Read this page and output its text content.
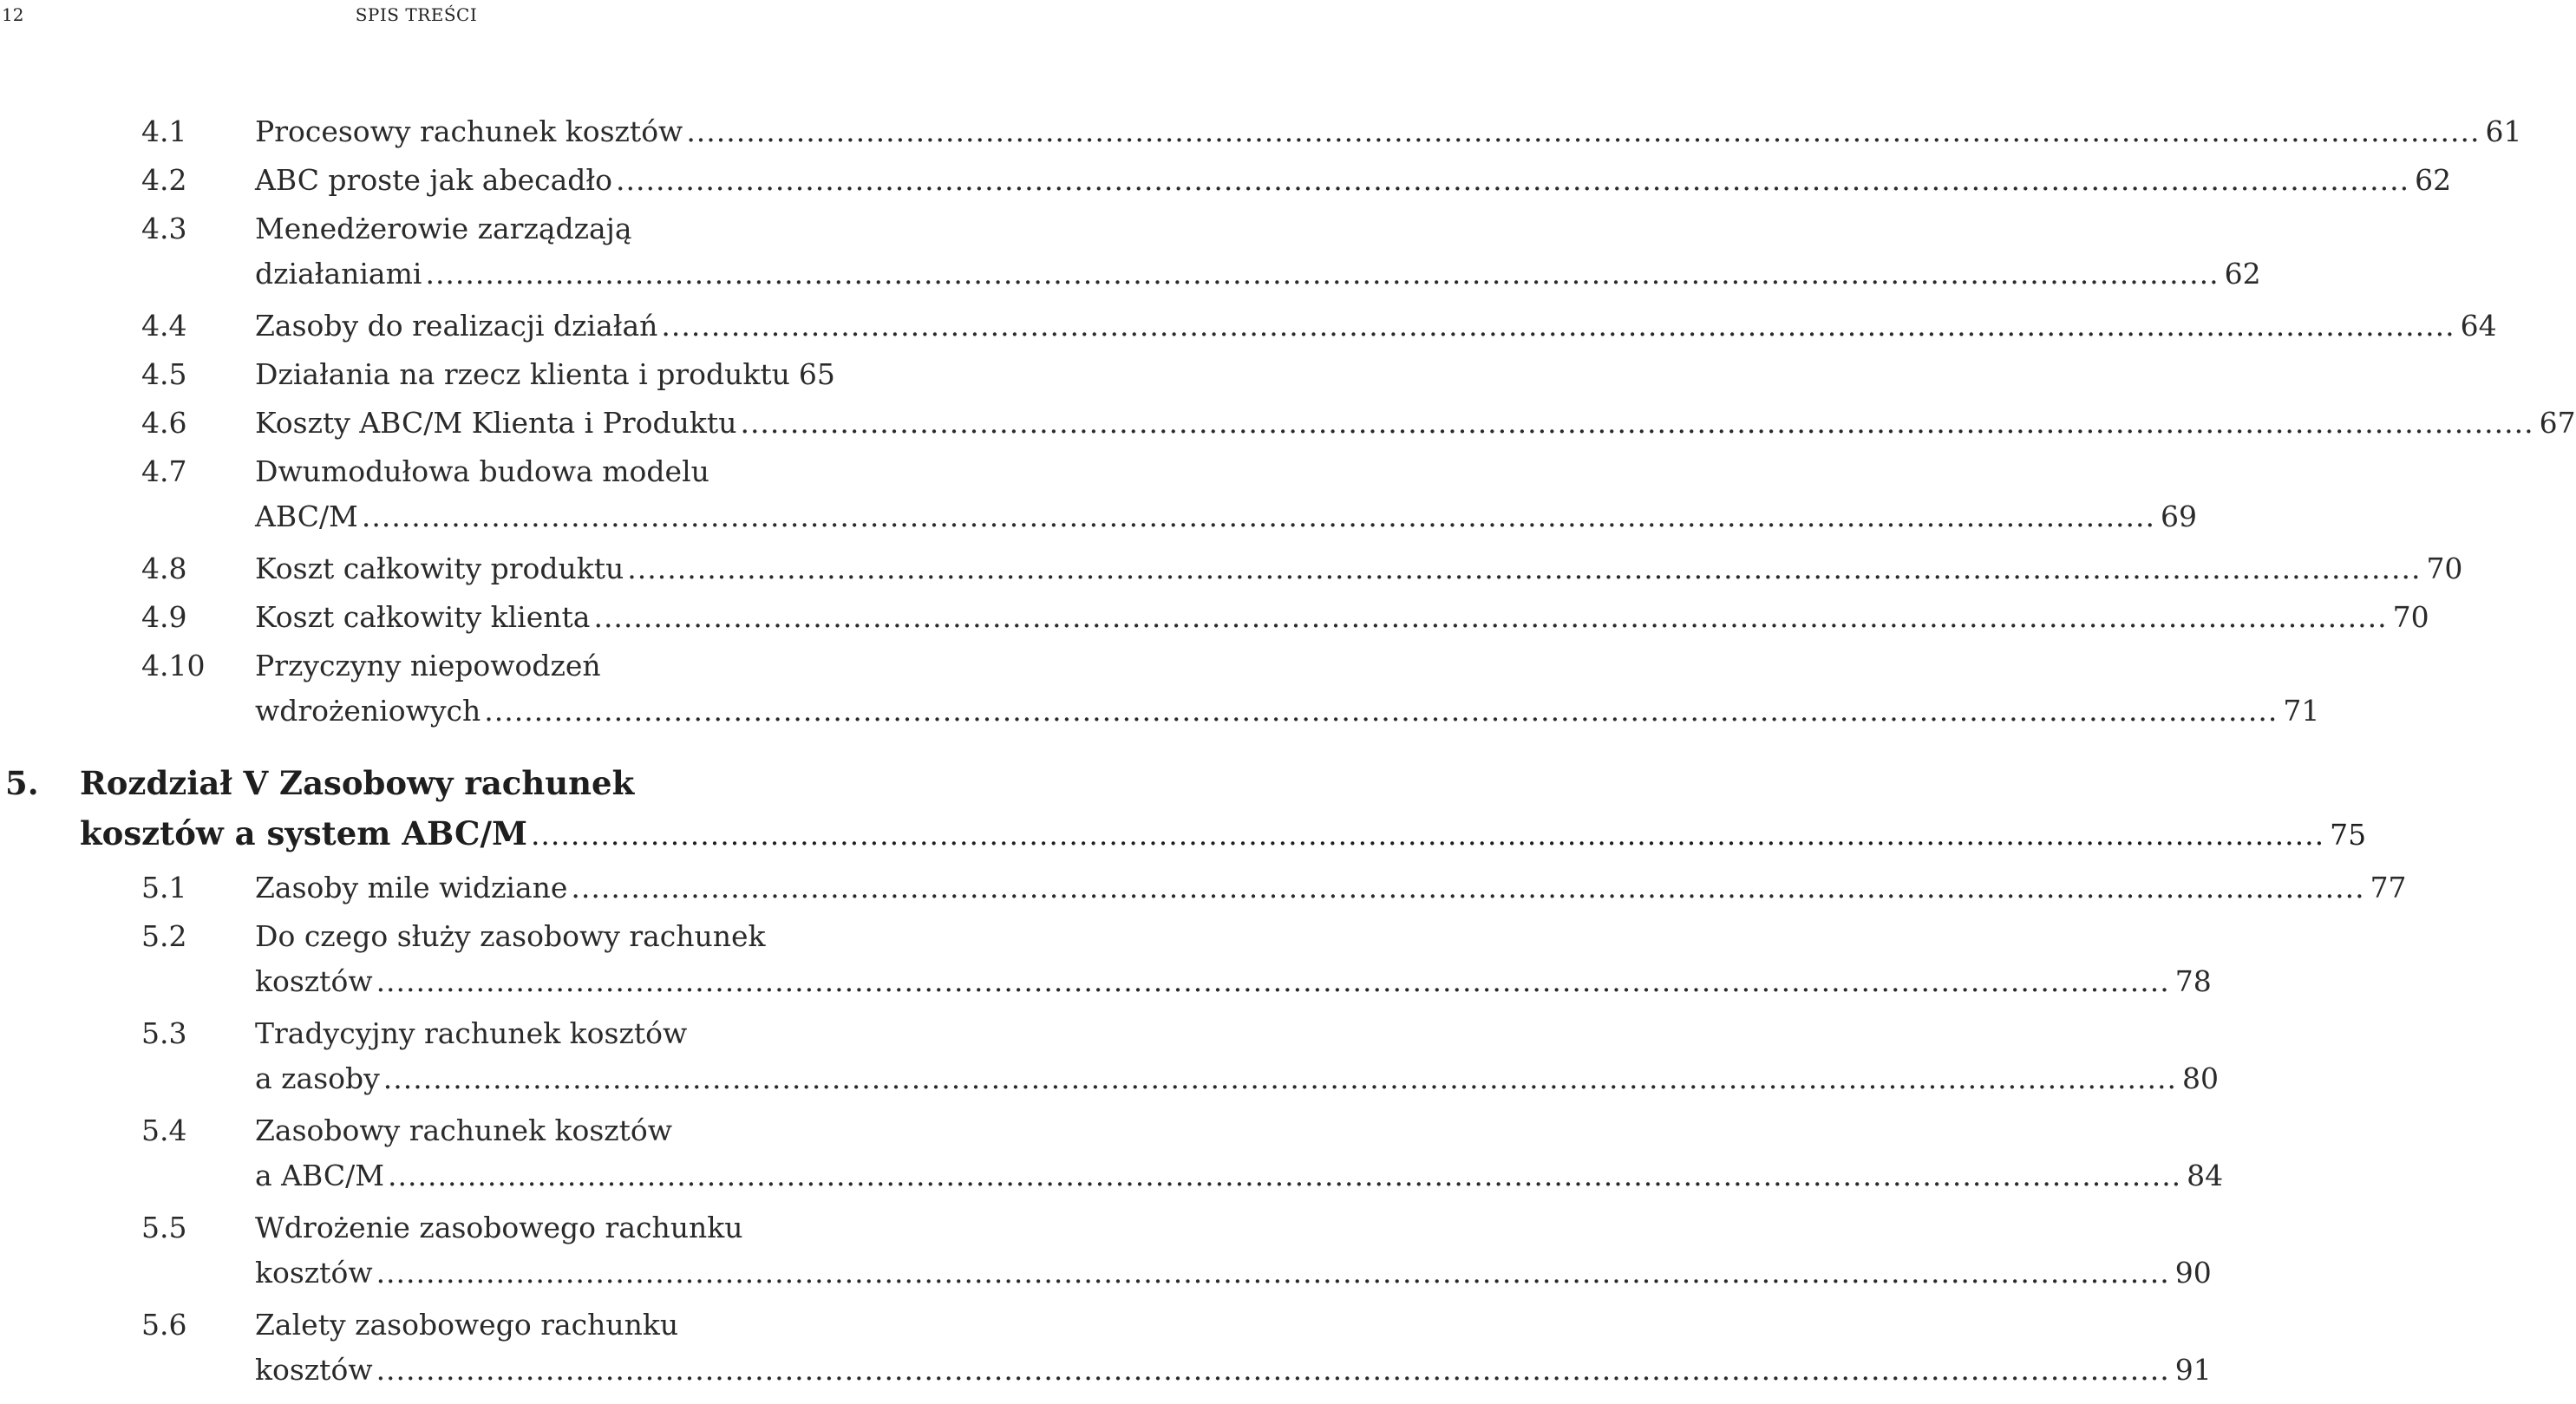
12	SPIS TREŚCI
4.1 Procesowy rachunek kosztów .....	61
4.2 ABC proste jak abecadło .....	62
4.3 Menedżerowie zarządzają
działaniami .....	62
4.4 Zasoby do realizacji działań .....	64
4.5 Działania na rzecz klienta i produktu 65
4.6 Koszty ABC/M Klienta i Produktu .....	67
4.7 Dwumodułowa budowa modelu
ABC/M .....	69
4.8 Koszt całkowity produktu .....	70
4.9 Koszt całkowity klienta .....	70
4.10 Przyczyny niepowodzeń
wdrożeniowych .....	71
5. Rozdział V Zasobowy rachunek
kosztów a system ABC/M .....	75
5.1 Zasoby mile widziane .....	77
5.2 Do czego służy zasobowy rachunek
kosztów .....	78
5.3 Tradycyjny rachunek kosztów
a zasoby .....	80
5.4 Zasobowy rachunek kosztów
a ABC/M .....	84
5.5 Wdrożenie zasobowego rachunku
kosztów .....	90
5.6 Zalety zasobowego rachunku
kosztów .....	91
